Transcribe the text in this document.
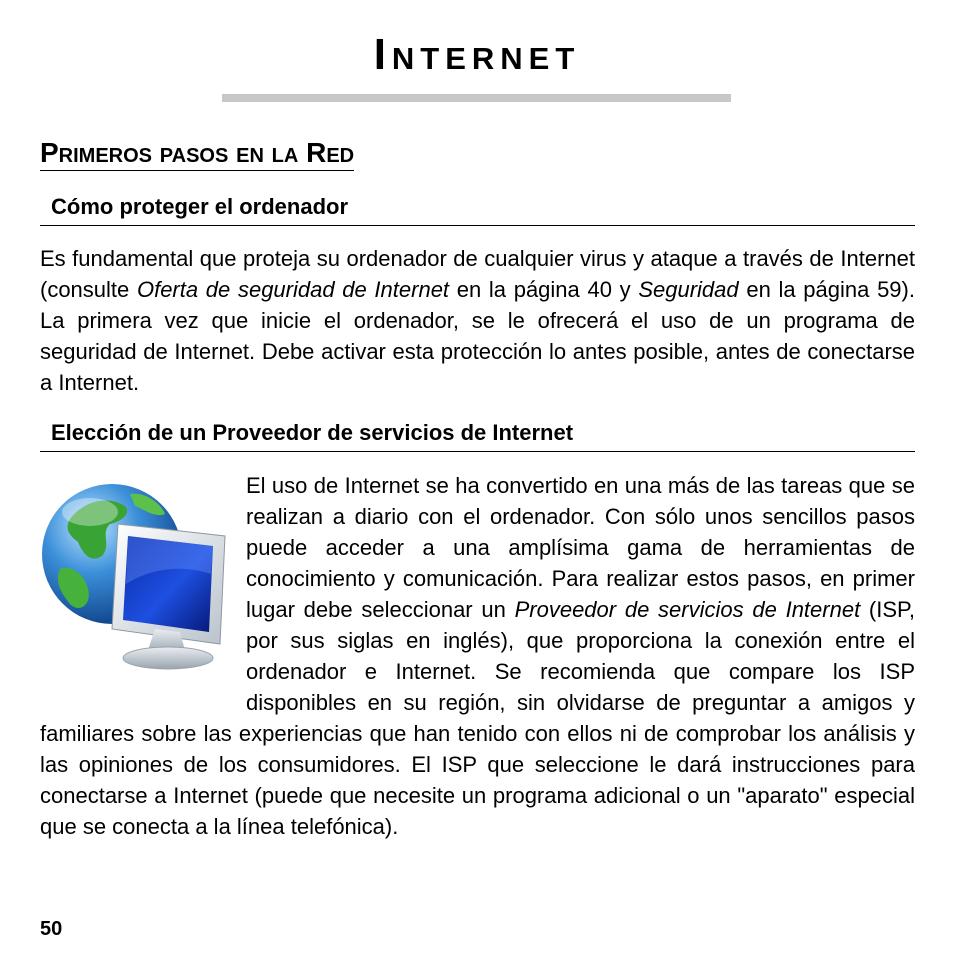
Internet
Primeros pasos en la Red
Cómo proteger el ordenador
Es fundamental que proteja su ordenador de cualquier virus y ataque a través de Internet (consulte Oferta de seguridad de Internet en la página 40 y Seguridad en la página 59). La primera vez que inicie el ordenador, se le ofrecerá el uso de un programa de seguridad de Internet. Debe activar esta protección lo antes posible, antes de conectarse a Internet.
Elección de un Proveedor de servicios de Internet
El uso de Internet se ha convertido en una más de las tareas que se realizan a diario con el ordenador. Con sólo unos sencillos pasos puede acceder a una amplísima gama de herramientas de conocimiento y comunicación. Para realizar estos pasos, en primer lugar debe seleccionar un Proveedor de servicios de Internet (ISP, por sus siglas en inglés), que proporciona la conexión entre el ordenador e Internet. Se recomienda que compare los ISP disponibles en su región, sin olvidarse de preguntar a amigos y familiares sobre las experiencias que han tenido con ellos ni de comprobar los análisis y las opiniones de los consumidores. El ISP que seleccione le dará instrucciones para conectarse a Internet (puede que necesite un programa adicional o un "aparato" especial que se conecta a la línea telefónica).
50
